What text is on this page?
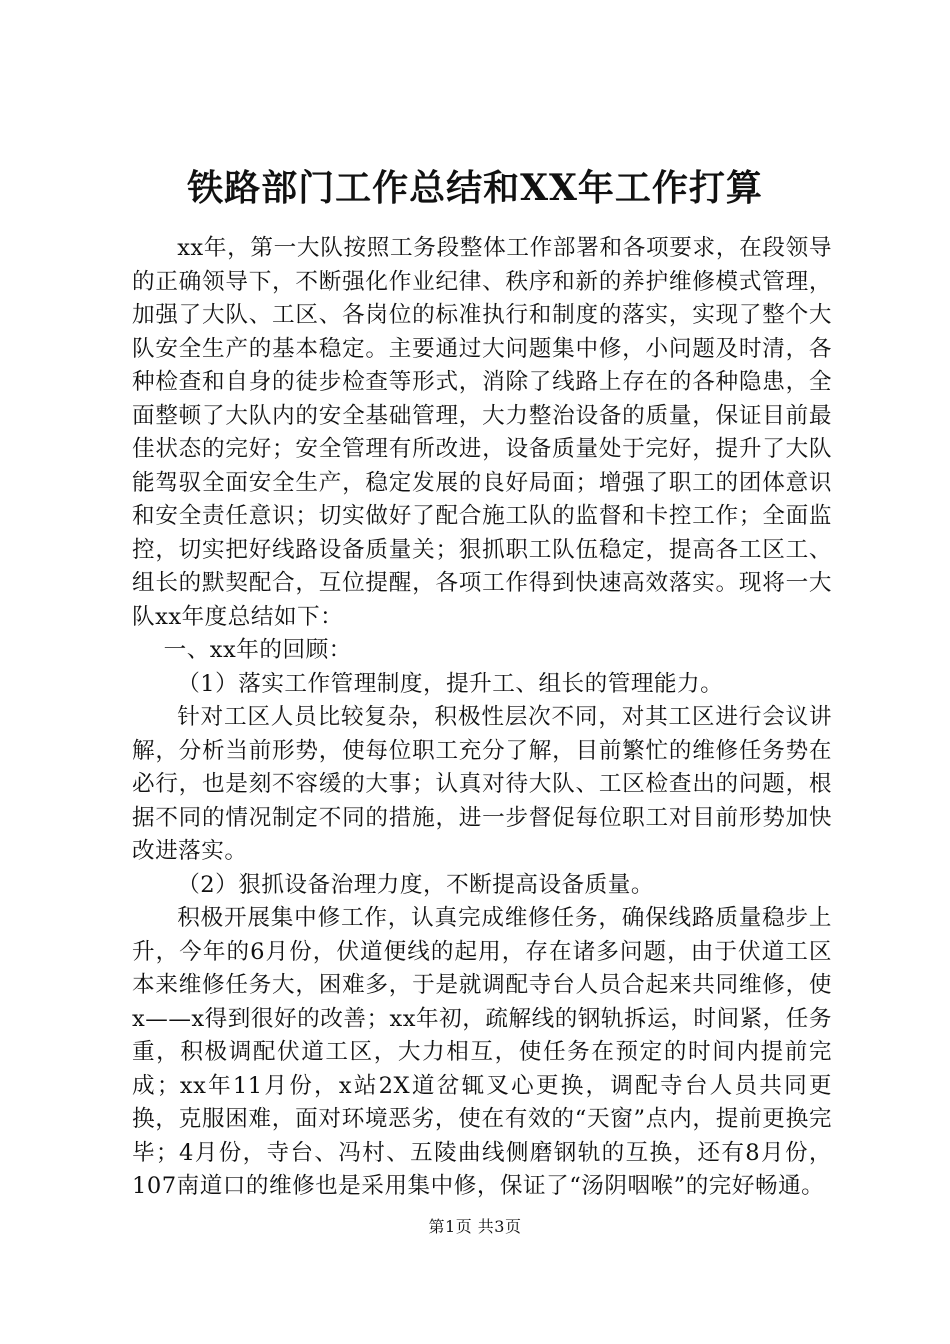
铁路部门工作总结和XX年工作打算

xx年，第一大队按照工务段整体工作部署和各项要求，在段领导的正确领导下，不断强化作业纪律、秩序和新的养护维修模式管理，加强了大队、工区、各岗位的标准执行和制度的落实，实现了整个大队安全生产的基本稳定。主要通过大问题集中修，小问题及时清，各种检查和自身的徒步检查等形式，消除了线路上存在的各种隐患，全面整顿了大队内的安全基础管理，大力整治设备的质量，保证目前最佳状态的完好；安全管理有所改进，设备质量处于完好，提升了大队能驾驭全面安全生产，稳定发展的良好局面；增强了职工的团体意识和安全责任意识；切实做好了配合施工队的监督和卡控工作；全面监控，切实把好线路设备质量关；狠抓职工队伍稳定，提高各工区工、组长的默契配合，互位提醒，各项工作得到快速高效落实。现将一大队xx年度总结如下：

一、xx年的回顾：

（1）落实工作管理制度，提升工、组长的管理能力。

针对工区人员比较复杂，积极性层次不同，对其工区进行会议讲解，分析当前形势，使每位职工充分了解，目前繁忙的维修任务势在必行，也是刻不容缓的大事；认真对待大队、工区检查出的问题，根据不同的情况制定不同的措施，进一步督促每位职工对目前形势加快改进落实。

（2）狠抓设备治理力度，不断提高设备质量。

积极开展集中修工作，认真完成维修任务，确保线路质量稳步上升，今年的6月份，伏道便线的起用，存在诸多问题，由于伏道工区本来维修任务大，困难多，于是就调配寺台人员合起来共同维修，使x——x得到很好的改善；xx年初，疏解线的钢轨拆运，时间紧，任务重，积极调配伏道工区，大力相互，使任务在预定的时间内提前完成；xx年11月份，x站2X道岔辄叉心更换，调配寺台人员共同更换，克服困难，面对环境恶劣，使在有效的“天窗”点内，提前更换完毕；4月份，寺台、冯村、五陵曲线侧磨钢轨的互换，还有8月份，107南道口的维修也是采用集中修，保证了“汤阴咽喉”的完好畅通。

第1页 共3页
